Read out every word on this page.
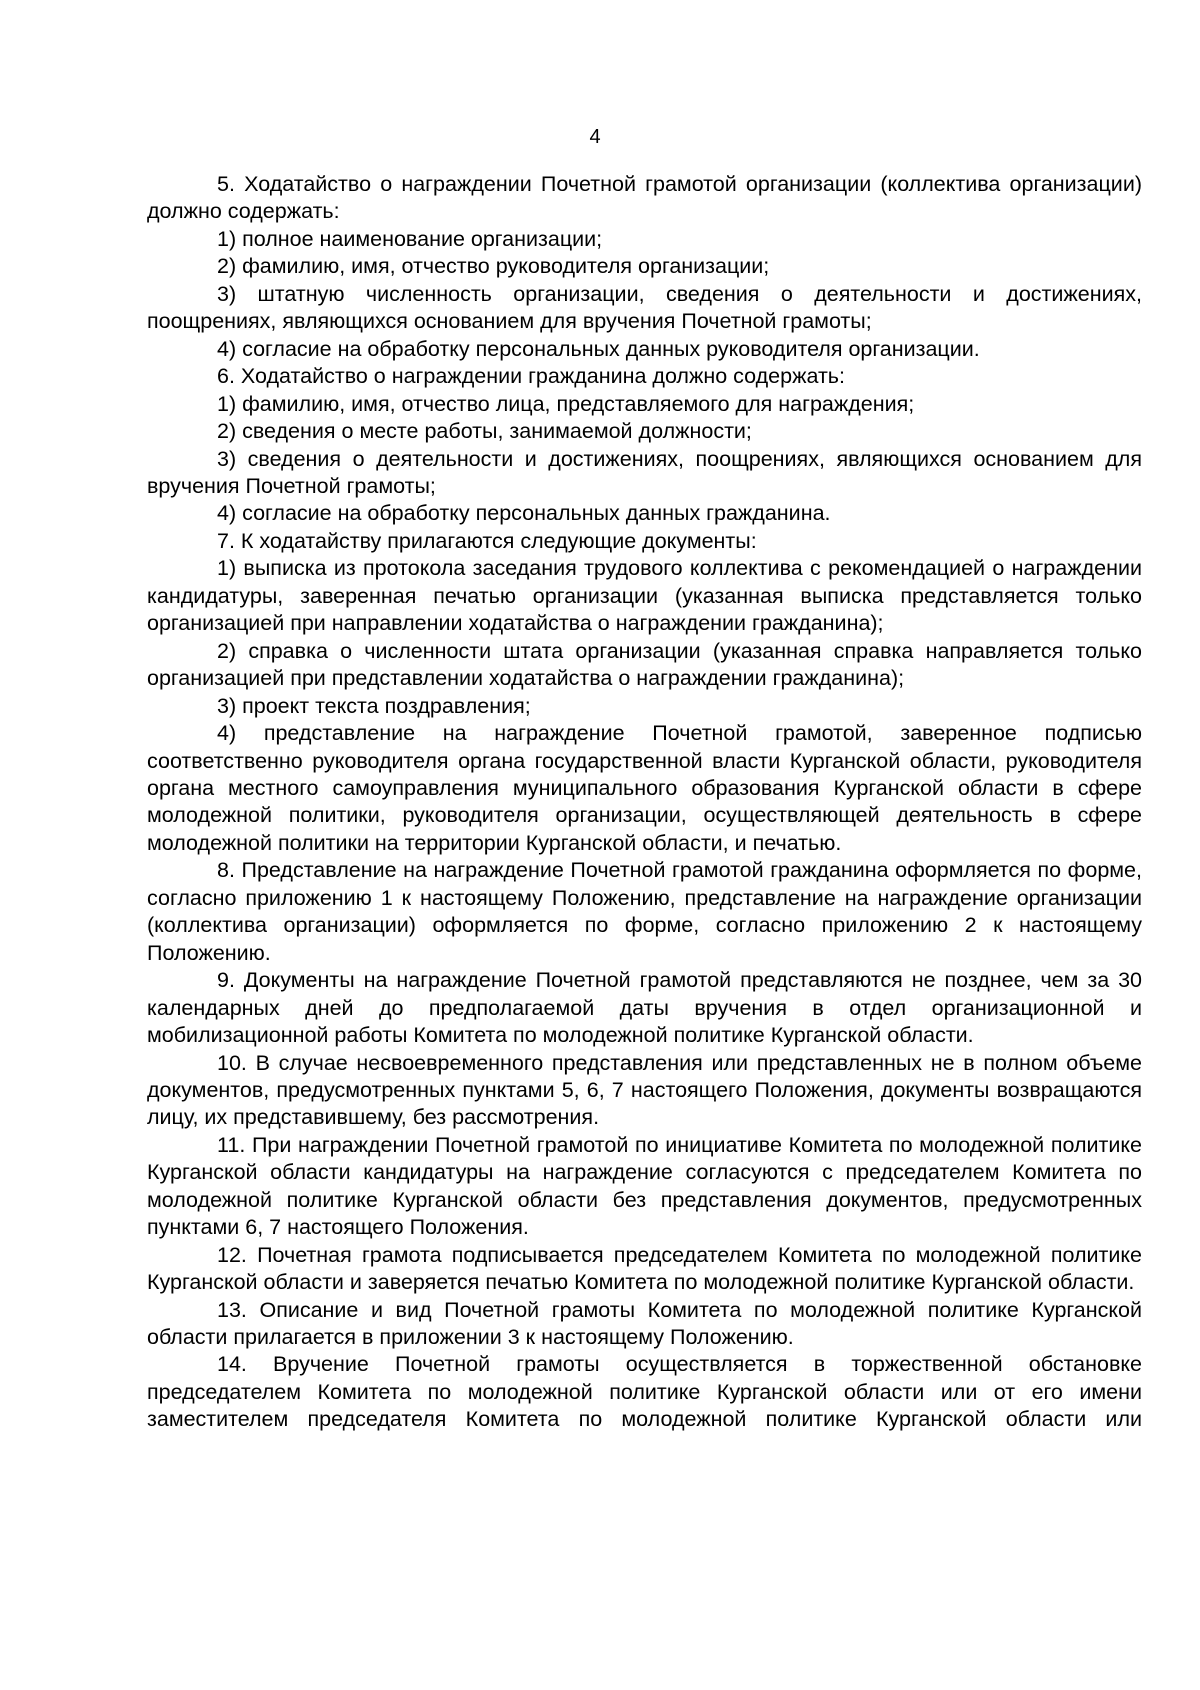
4

5. Ходатайство о награждении Почетной грамотой организации (коллектива организации) должно содержать:

1) полное наименование организации;

2) фамилию, имя, отчество руководителя организации;

3) штатную численность организации, сведения о деятельности и достижениях, поощрениях, являющихся основанием для вручения Почетной грамоты;

4) согласие на обработку персональных данных руководителя организации.

6. Ходатайство о награждении гражданина должно содержать:

1) фамилию, имя, отчество лица, представляемого для награждения;

2) сведения о месте работы, занимаемой должности;

3) сведения о деятельности и достижениях, поощрениях, являющихся основанием для вручения Почетной грамоты;

4) согласие на обработку персональных данных гражданина.

7. К ходатайству прилагаются следующие документы:

1) выписка из протокола заседания трудового коллектива с рекомендацией о награждении кандидатуры, заверенная печатью организации (указанная выписка представляется только организацией при направлении ходатайства о награждении гражданина);

2) справка о численности штата организации (указанная справка направляется только организацией при представлении ходатайства о награждении гражданина);

3) проект текста поздравления;

4) представление на награждение Почетной грамотой, заверенное подписью соответственно руководителя органа государственной власти Курганской области, руководителя органа местного самоуправления муниципального образования Курганской области в сфере молодежной политики, руководителя организации, осуществляющей деятельность в сфере молодежной политики на территории Курганской области, и печатью.

8. Представление на награждение Почетной грамотой гражданина оформляется по форме, согласно приложению 1 к настоящему Положению, представление на награждение организации (коллектива организации) оформляется по форме, согласно приложению 2 к настоящему Положению.

9. Документы на награждение Почетной грамотой представляются не позднее, чем за 30 календарных дней до предполагаемой даты вручения в отдел организационной и мобилизационной работы Комитета по молодежной политике Курганской области.

10. В случае несвоевременного представления или представленных не в полном объеме документов, предусмотренных пунктами 5, 6, 7 настоящего Положения, документы возвращаются лицу, их представившему, без рассмотрения.

11. При награждении Почетной грамотой по инициативе Комитета по молодежной политике Курганской области кандидатуры на награждение согласуются с председателем Комитета по молодежной политике Курганской области без представления документов, предусмотренных пунктами 6, 7 настоящего Положения.

12. Почетная грамота подписывается председателем Комитета по молодежной политике Курганской области и заверяется печатью Комитета по молодежной политике Курганской области.

13. Описание и вид Почетной грамоты Комитета по молодежной политике Курганской области прилагается в приложении 3 к настоящему Положению.

14. Вручение Почетной грамоты осуществляется в торжественной обстановке председателем Комитета по молодежной политике Курганской области или от его имени заместителем председателя Комитета по молодежной политике Курганской области или
